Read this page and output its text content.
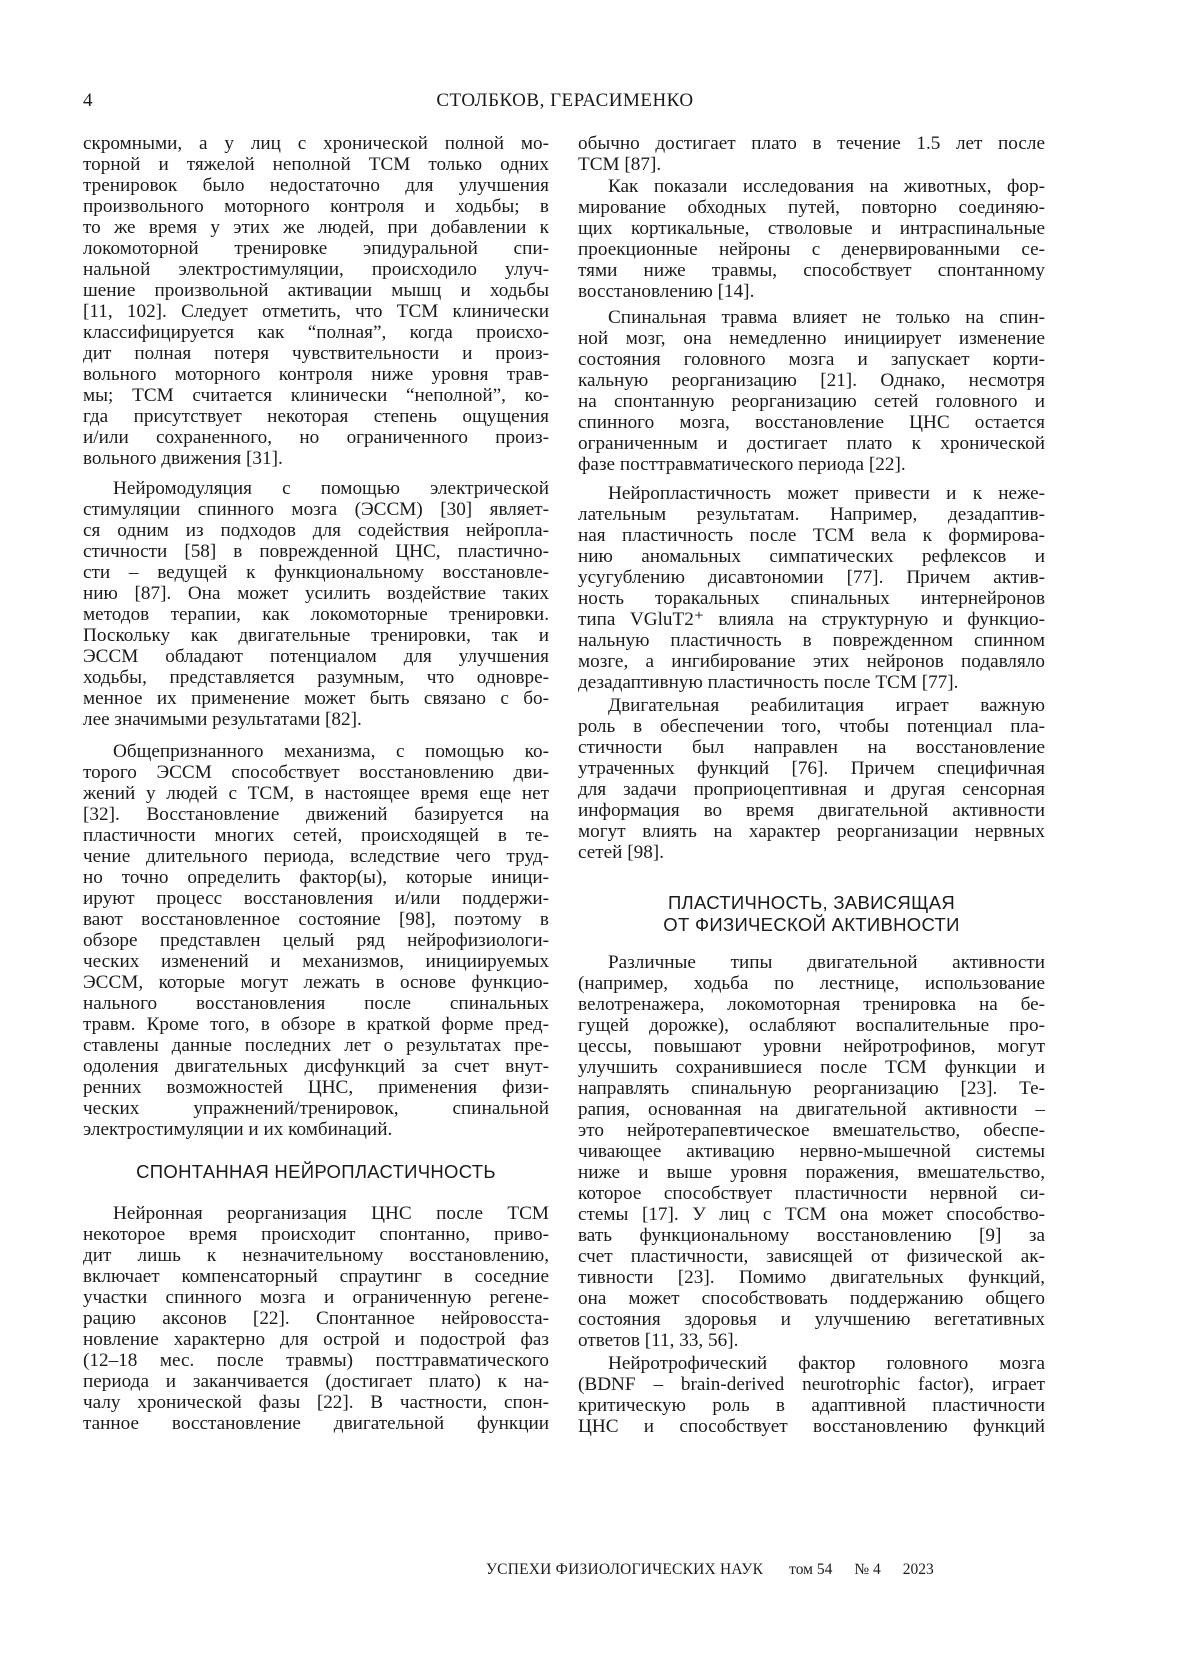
4	СТОЛБКОВ, ГЕРАСИМЕНКО
скромными, а у лиц с хронической полной мо-
торной и тяжелой неполной ТСМ только одних
тренировок было недостаточно для улучшения
произвольного моторного контроля и ходьбы; в
то же время у этих же людей, при добавлении к
локомоторной тренировке эпидуральной спи-
нальной электростимуляции, происходило улуч-
шение произвольной активации мышц и ходьбы
[11, 102]. Следует отметить, что ТСМ клинически
классифицируется как “полная”, когда происхо-
дит полная потеря чувствительности и произ-
вольного моторного контроля ниже уровня трав-
мы; ТСМ считается клинически “неполной”, ко-
гда присутствует некоторая степень ощущения
и/или сохраненного, но ограниченного произ-
вольного движения [31].
Нейромодуляция с помощью электрической
стимуляции спинного мозга (ЭССМ) [30] являет-
ся одним из подходов для содействия нейропла-
стичности [58] в поврежденной ЦНС, пластично-
сти – ведущей к функциональному восстановле-
нию [87]. Она может усилить воздействие таких
методов терапии, как локомоторные тренировки.
Поскольку как двигательные тренировки, так и
ЭССМ обладают потенциалом для улучшения
ходьбы, представляется разумным, что одновре-
менное их применение может быть связано с бо-
лее значимыми результатами [82].
Общепризнанного механизма, с помощью ко-
торого ЭССМ способствует восстановлению дви-
жений у людей с ТСМ, в настоящее время еще нет
[32]. Восстановление движений базируется на
пластичности многих сетей, происходящей в те-
чение длительного периода, вследствие чего труд-
но точно определить фактор(ы), которые иници-
ируют процесс восстановления и/или поддержи-
вают восстановленное состояние [98], поэтому в
обзоре представлен целый ряд нейрофизиологи-
ческих изменений и механизмов, инициируемых
ЭССМ, которые могут лежать в основе функцио-
нального восстановления после спинальных
травм. Кроме того, в обзоре в краткой форме пред-
ставлены данные последних лет о результатах пре-
одоления двигательных дисфункций за счет внут-
ренних возможностей ЦНС, применения физи-
ческих упражнений/тренировок, спинальной
электростимуляции и их комбинаций.
СПОНТАННАЯ НЕЙРОПЛАСТИЧНОСТЬ
Нейронная реорганизация ЦНС после ТСМ
некоторое время происходит спонтанно, приво-
дит лишь к незначительному восстановлению,
включает компенсаторный спраутинг в соседние
участки спинного мозга и ограниченную регене-
рацию аксонов [22]. Спонтанное нейровосста-
новление характерно для острой и подострой фаз
(12–18 мес. после травмы) посттравматического
периода и заканчивается (достигает плато) к на-
чалу хронической фазы [22]. В частности, спон-
танное восстановление двигательной функции
обычно достигает плато в течение 1.5 лет после
ТСМ [87].
Как показали исследования на животных, фор-
мирование обходных путей, повторно соединяю-
щих кортикальные, стволовые и интраспинальные
проекционные нейроны с денервированными се-
тями ниже травмы, способствует спонтанному
восстановлению [14].
Спинальная травма влияет не только на спин-
ной мозг, она немедленно инициирует изменение
состояния головного мозга и запускает корти-
кальную реорганизацию [21]. Однако, несмотря
на спонтанную реорганизацию сетей головного и
спинного мозга, восстановление ЦНС остается
ограниченным и достигает плато к хронической
фазе посттравматического периода [22].
Нейропластичность может привести и к неже-
лательным результатам. Например, дезадаптив-
ная пластичность после ТСМ вела к формирова-
нию аномальных симпатических рефлексов и
усугублению дисавтономии [77]. Причем актив-
ность торакальных спинальных интернейронов
типа VGluT2⁺ влияла на структурную и функцио-
нальную пластичность в поврежденном спинном
мозге, а ингибирование этих нейронов подавляло
дезадаптивную пластичность после ТСМ [77].
Двигательная реабилитация играет важную
роль в обеспечении того, чтобы потенциал пла-
стичности был направлен на восстановление
утраченных функций [76]. Причем специфичная
для задачи проприоцептивная и другая сенсорная
информация во время двигательной активности
могут влиять на характер реорганизации нервных
сетей [98].
ПЛАСТИЧНОСТЬ, ЗАВИСЯЩАЯ
ОТ ФИЗИЧЕСКОЙ АКТИВНОСТИ
Различные типы двигательной активности
(например, ходьба по лестнице, использование
велотренажера, локомоторная тренировка на бе-
гущей дорожке), ослабляют воспалительные про-
цессы, повышают уровни нейротрофинов, могут
улучшить сохранившиеся после ТСМ функции и
направлять спинальную реорганизацию [23]. Те-
рапия, основанная на двигательной активности –
это нейротерапевтическое вмешательство, обеспе-
чивающее активацию нервно-мышечной системы
ниже и выше уровня поражения, вмешательство,
которое способствует пластичности нервной си-
стемы [17]. У лиц с ТСМ она может способство-
вать функциональному восстановлению [9] за
счет пластичности, зависящей от физической ак-
тивности [23]. Помимо двигательных функций,
она может способствовать поддержанию общего
состояния здоровья и улучшению вегетативных
ответов [11, 33, 56].
Нейротрофический фактор головного мозга
(BDNF – brain-derived neurotrophic factor), играет
критическую роль в адаптивной пластичности
ЦНС и способствует восстановлению функций
УСПЕХИ ФИЗИОЛОГИЧЕСКИХ НАУК том 54 № 4 2023
